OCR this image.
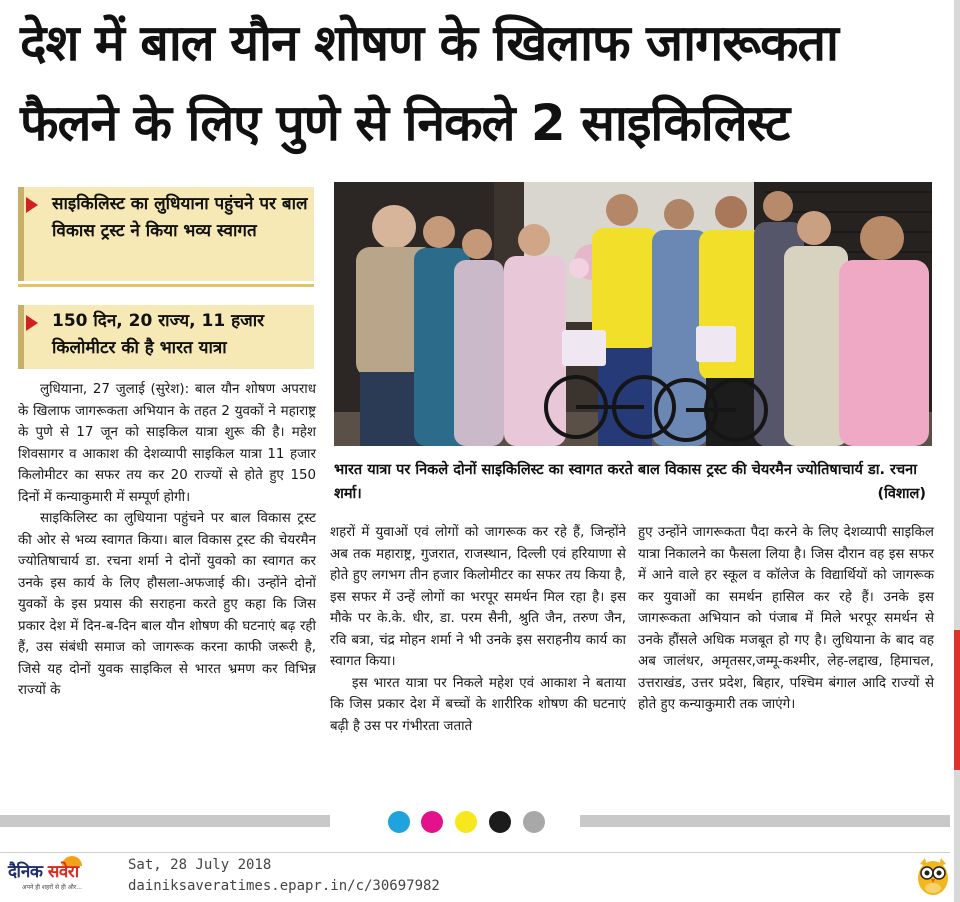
देश में बाल यौन शोषण के खिलाफ जागरूकता
फैलने के लिए पुणे से निकले 2 साइकिलिस्ट
साइकिलिस्ट का लुधियाना पहुंचने पर बाल विकास ट्रस्ट ने किया भव्य स्वागत
150 दिन, 20 राज्य, 11 हजार किलोमीटर की है भारत यात्रा

लुधियाना, 27 जुलाई (सुरेश): बाल यौन शोषण अपराध के खिलाफ जागरूकता अभियान के तहत 2 युवकों ने महाराष्ट्र के पुणे से 17 जून को साइकिल यात्रा शुरू की है। महेश शिवसागर व आकाश की देशव्यापी साइकिल यात्रा 11 हजार किलोमीटर का सफर तय कर 20 राज्यों से होते हुए 150 दिनों में कन्याकुमारी में सम्पूर्ण होगी।

साइकिलिस्ट का लुधियाना पहुंचने पर बाल विकास ट्रस्ट की ओर से भव्य स्वागत किया। बाल विकास ट्रस्ट की चेयरमैन ज्योतिषाचार्य डा. रचना शर्मा ने दोनों युवको का स्वागत कर उनके इस कार्य के लिए हौसला-अफजाई की। उन्होंने दोनों युवकों के इस प्रयास की सराहना करते हुए कहा कि जिस प्रकार देश में दिन-ब-दिन बाल यौन शोषण की घटनाएं बढ़ रही हैं, उस संबंधी समाज को जागरूक करना काफी जरूरी है, जिसे यह दोनों युवक साइकिल से भारत भ्रमण कर विभिन्न राज्यों के

भारत यात्रा पर निकले दोनों साइकिलिस्ट का स्वागत करते बाल विकास ट्रस्ट की चेयरमैन ज्योतिषाचार्य डा. रचना शर्मा।	(विशाल)

शहरों में युवाओं एवं लोगों को जागरूक कर रहे हैं, जिन्होंने अब तक महाराष्ट्र, गुजरात, राजस्थान, दिल्ली एवं हरियाणा से होते हुए लगभग तीन हजार किलोमीटर का सफर तय किया है, इस सफर में उन्हें लोगों का भरपूर समर्थन मिल रहा है। इस मौके पर के.के. धीर, डा. परम सैनी, श्रुति जैन, तरुण जैन, रवि बत्रा, चंद्र मोहन शर्मा ने भी उनके इस सराहनीय कार्य का स्वागत किया।

इस भारत यात्रा पर निकले महेश एवं आकाश ने बताया कि जिस प्रकार देश में बच्चों के शारीरिक शोषण की घटनाएं बढ़ी है उस पर गंभीरता जताते

हुए उन्होंने जागरूकता पैदा करने के लिए देशव्यापी साइकिल यात्रा निकालने का फैसला लिया है। जिस दौरान वह इस सफर में आने वाले हर स्कूल व कॉलेज के विद्यार्थियों को जागरूक कर युवाओं का समर्थन हासिल कर रहे हैं। उनके इस जागरूकता अभियान को पंजाब में मिले भरपूर समर्थन से उनके हौंसले अधिक मजबूत हो गए है। लुधियाना के बाद वह अब जालंधर, अमृतसर,जम्मू-कश्मीर, लेह-लद्दाख, हिमाचल, उत्तराखंड, उत्तर प्रदेश, बिहार, पश्चिम बंगाल आदि राज्यों से होते हुए कन्याकुमारी तक जाएंगे।

दैनिक सवेरा
अपने ही शहरों से ही और...
Sat, 28 July 2018
dainiksaveratimes.epapr.in/c/30697982
